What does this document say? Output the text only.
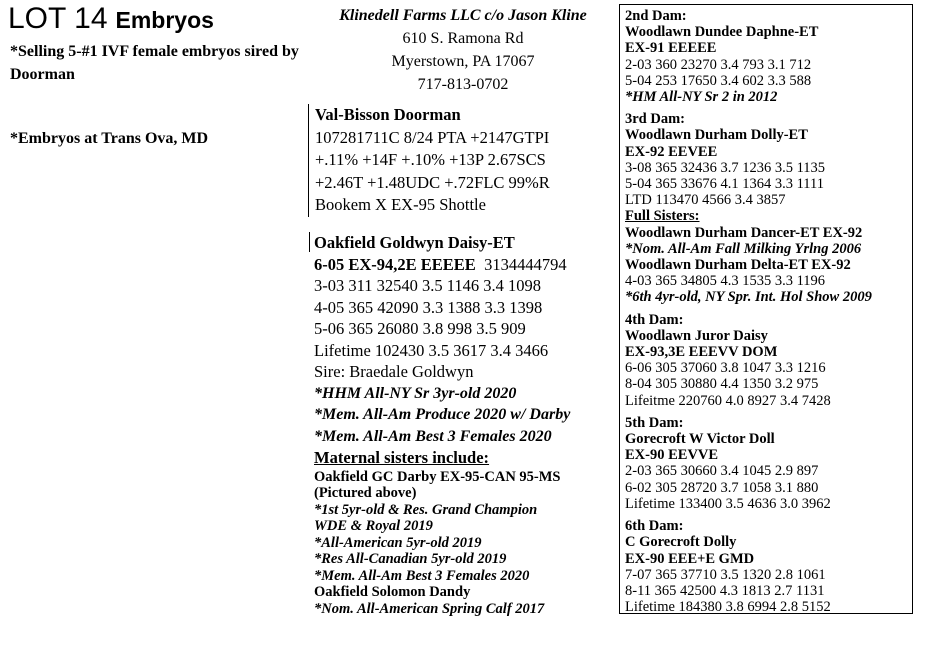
LOT 14 Embryos
*Selling 5-#1 IVF female embryos sired by Doorman
*Embryos at Trans Ova, MD
Klinedell Farms LLC c/o Jason Kline
610 S. Ramona Rd
Myerstown, PA 17067
717-813-0702
Val-Bisson Doorman
107281711C 8/24 PTA +2147GTPI
+.11% +14F +.10% +13P 2.67SCS
+2.46T +1.48UDC +.72FLC 99%R
Bookem X EX-95 Shottle
Oakfield Goldwyn Daisy-ET
6-05 EX-94,2E EEEEE 3134444794
3-03 311 32540 3.5 1146 3.4 1098
4-05 365 42090 3.3 1388 3.3 1398
5-06 365 26080 3.8 998 3.5 909
Lifetime 102430 3.5 3617 3.4 3466
Sire: Braedale Goldwyn
*HHM All-NY Sr 3yr-old 2020
*Mem. All-Am Produce 2020 w/ Darby
*Mem. All-Am Best 3 Females 2020
Maternal sisters include:
Oakfield GC Darby EX-95-CAN 95-MS
(Pictured above)
*1st 5yr-old & Res. Grand Champion
WDE & Royal 2019
*All-American 5yr-old 2019
*Res All-Canadian 5yr-old 2019
*Mem. All-Am Best 3 Females 2020
Oakfield Solomon Dandy
*Nom. All-American Spring Calf 2017
2nd Dam:
Woodlawn Dundee Daphne-ET
EX-91 EEEEE
2-03 360 23270 3.4 793 3.1 712
5-04 253 17650 3.4 602 3.3 588
*HM All-NY Sr 2 in 2012
3rd Dam:
Woodlawn Durham Dolly-ET
EX-92 EEVEE
3-08 365 32436 3.7 1236 3.5 1135
5-04 365 33676 4.1 1364 3.3 1111
LTD 113470 4566 3.4 3857
Full Sisters:
Woodlawn Durham Dancer-ET EX-92
*Nom. All-Am Fall Milking Yrlng 2006
Woodlawn Durham Delta-ET EX-92
4-03 365 34805 4.3 1535 3.3 1196
*6th 4yr-old, NY Spr. Int. Hol Show 2009
4th Dam:
Woodlawn Juror Daisy
EX-93,3E EEEVV DOM
6-06 305 37060 3.8 1047 3.3 1216
8-04 305 30880 4.4 1350 3.2 975
Lifeitme 220760 4.0 8927 3.4 7428
5th Dam:
Gorecroft W Victor Doll
EX-90 EEVVE
2-03 365 30660 3.4 1045 2.9 897
6-02 305 28720 3.7 1058 3.1 880
Lifetime 133400 3.5 4636 3.0 3962
6th Dam:
C Gorecroft Dolly
EX-90 EEE+E GMD
7-07 365 37710 3.5 1320 2.8 1061
8-11 365 42500 4.3 1813 2.7 1131
Lifetime 184380 3.8 6994 2.8 5152
